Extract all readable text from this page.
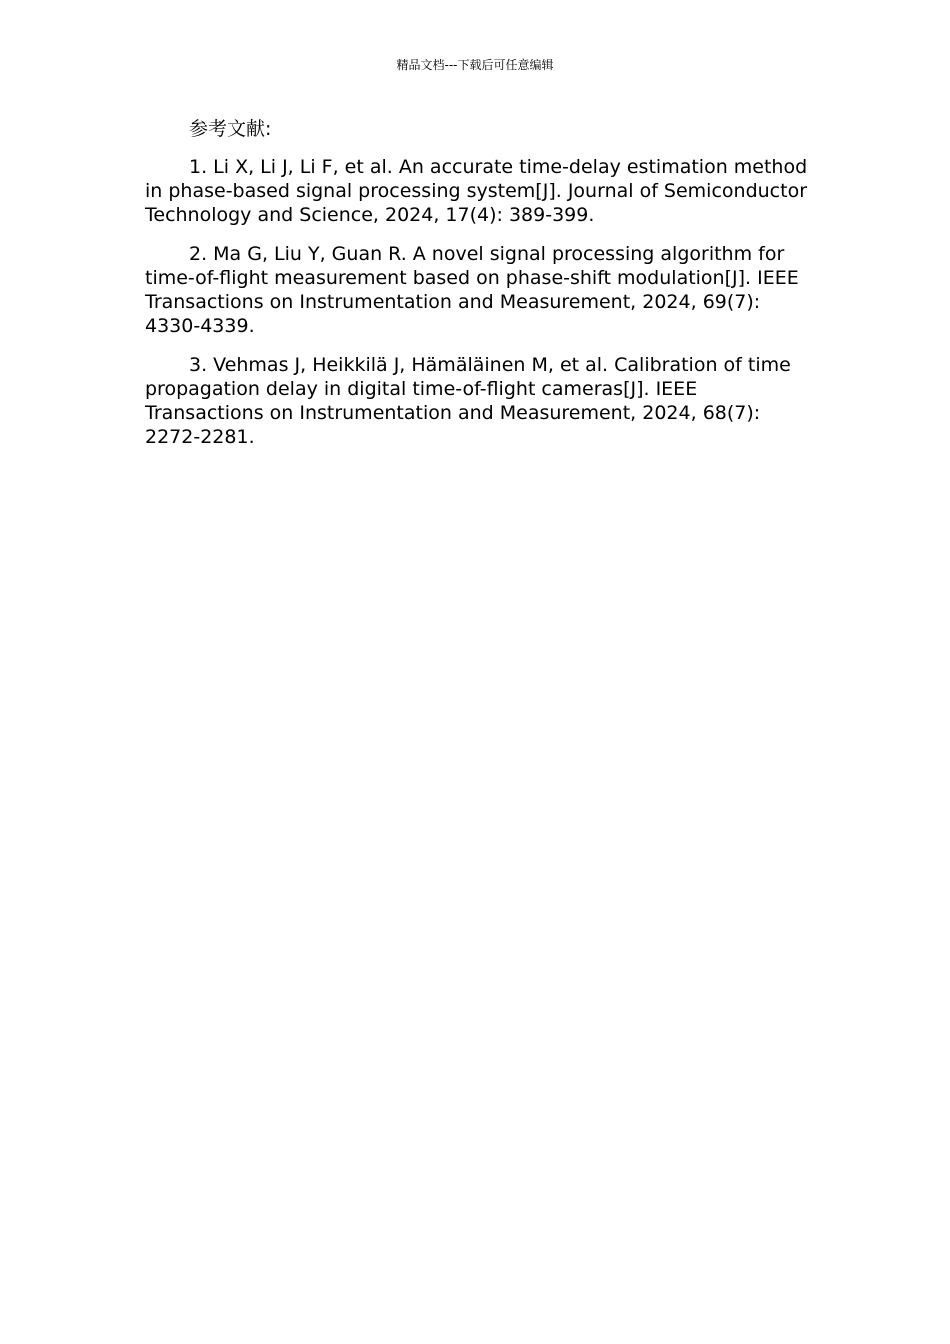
精品文档---下载后可任意编辑

参考文献:

1. Li X, Li J, Li F, et al. An accurate time-delay estimation method in phase-based signal processing system[J]. Journal of Semiconductor Technology and Science, 2024, 17(4): 389-399.

2. Ma G, Liu Y, Guan R. A novel signal processing algorithm for time-of-flight measurement based on phase-shift modulation[J]. IEEE Transactions on Instrumentation and Measurement, 2024, 69(7): 4330-4339.

3. Vehmas J, Heikkilä J, Hämäläinen M, et al. Calibration of time propagation delay in digital time-of-flight cameras[J]. IEEE Transactions on Instrumentation and Measurement, 2024, 68(7): 2272-2281.
